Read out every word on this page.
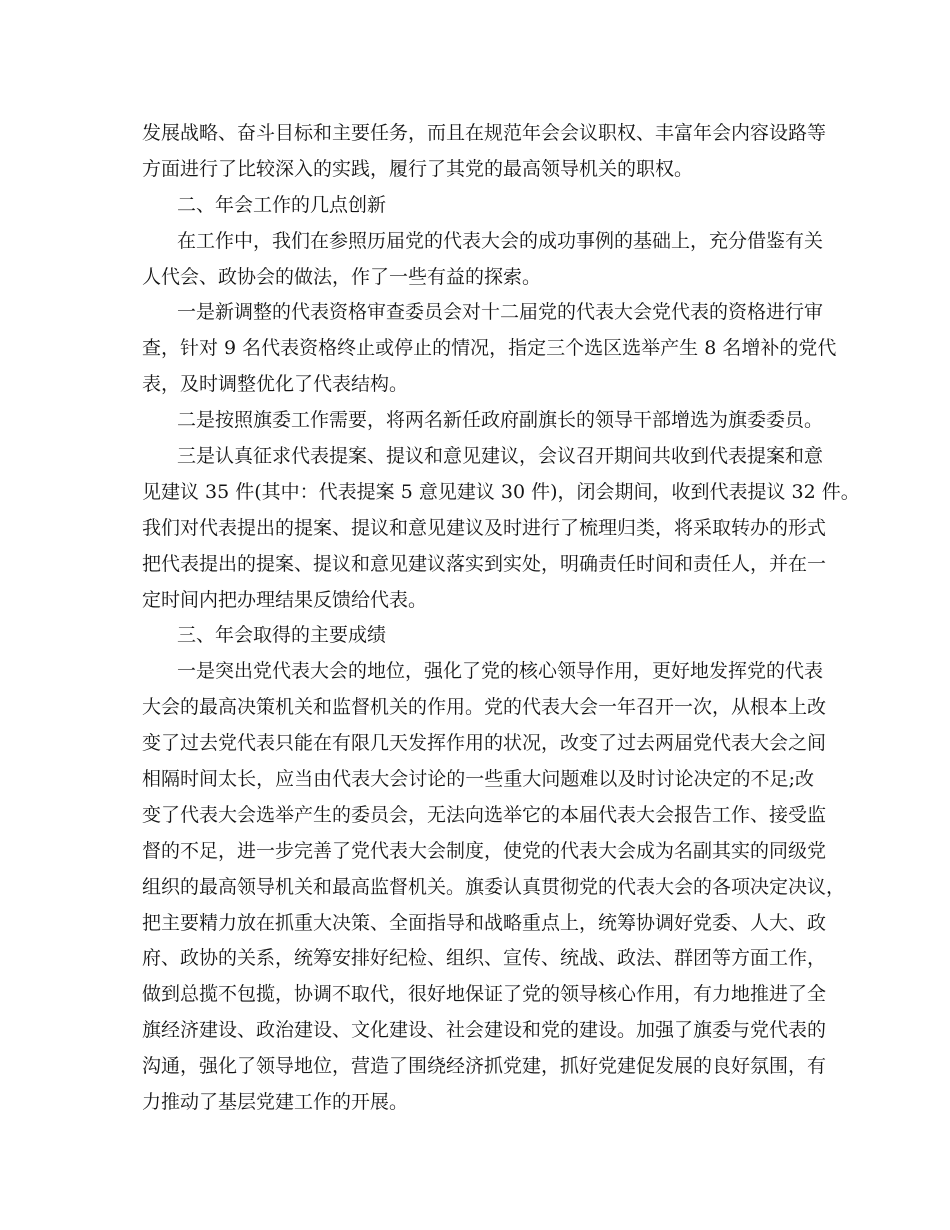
发展战略、奋斗目标和主要任务，而且在规范年会会议职权、丰富年会内容设路等
方面进行了比较深入的实践，履行了其党的最高领导机关的职权。
二、年会工作的几点创新
在工作中，我们在参照历届党的代表大会的成功事例的基础上，充分借鉴有关
人代会、政协会的做法，作了一些有益的探索。
一是新调整的代表资格审查委员会对十二届党的代表大会党代表的资格进行审
查，针对 9 名代表资格终止或停止的情况，指定三个选区选举产生 8 名增补的党代
表，及时调整优化了代表结构。
二是按照旗委工作需要，将两名新任政府副旗长的领导干部增选为旗委委员。
三是认真征求代表提案、提议和意见建议，会议召开期间共收到代表提案和意
见建议 35 件(其中：代表提案 5 意见建议 30 件)，闭会期间，收到代表提议 32 件。
我们对代表提出的提案、提议和意见建议及时进行了梳理归类，将采取转办的形式
把代表提出的提案、提议和意见建议落实到实处，明确责任时间和责任人，并在一
定时间内把办理结果反馈给代表。
三、年会取得的主要成绩
一是突出党代表大会的地位，强化了党的核心领导作用，更好地发挥党的代表
大会的最高决策机关和监督机关的作用。党的代表大会一年召开一次，从根本上改
变了过去党代表只能在有限几天发挥作用的状况，改变了过去两届党代表大会之间
相隔时间太长，应当由代表大会讨论的一些重大问题难以及时讨论决定的不足;改
变了代表大会选举产生的委员会，无法向选举它的本届代表大会报告工作、接受监
督的不足，进一步完善了党代表大会制度，使党的代表大会成为名副其实的同级党
组织的最高领导机关和最高监督机关。旗委认真贯彻党的代表大会的各项决定决议，
把主要精力放在抓重大决策、全面指导和战略重点上，统筹协调好党委、人大、政
府、政协的关系，统筹安排好纪检、组织、宣传、统战、政法、群团等方面工作，
做到总揽不包揽，协调不取代，很好地保证了党的领导核心作用，有力地推进了全
旗经济建设、政治建设、文化建设、社会建设和党的建设。加强了旗委与党代表的
沟通，强化了领导地位，营造了围绕经济抓党建，抓好党建促发展的良好氛围，有
力推动了基层党建工作的开展。
